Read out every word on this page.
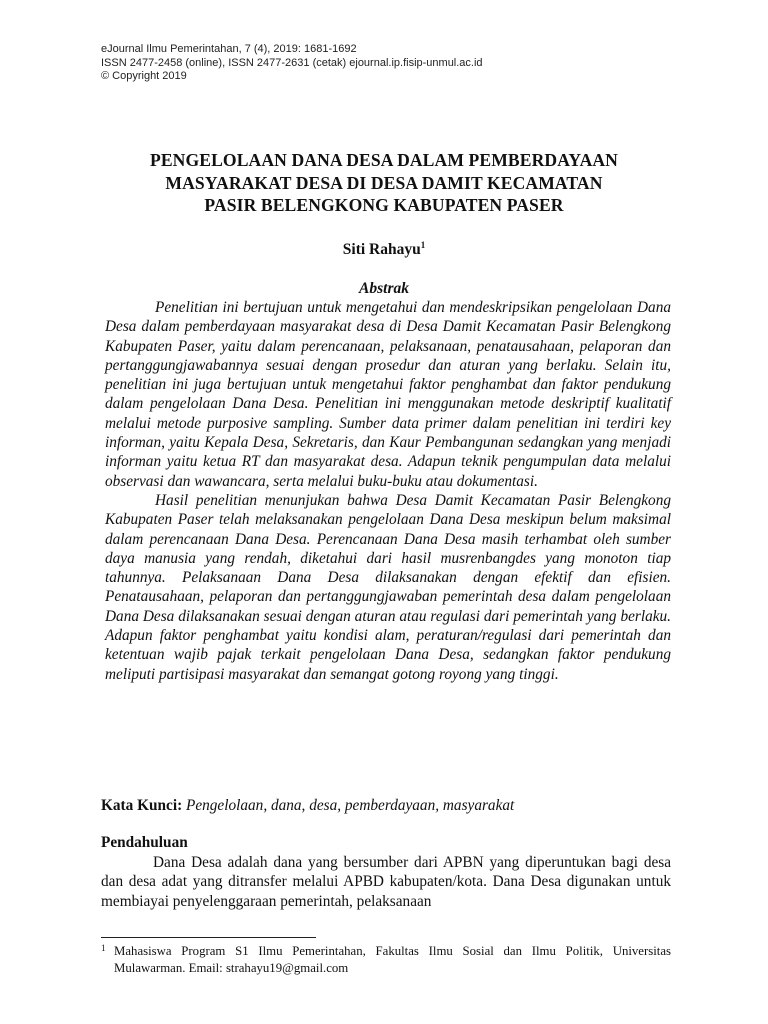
eJournal Ilmu Pemerintahan, 7 (4), 2019: 1681-1692
ISSN 2477-2458 (online), ISSN 2477-2631 (cetak) ejournal.ip.fisip-unmul.ac.id
© Copyright 2019
PENGELOLAAN DANA DESA DALAM PEMBERDAYAAN
MASYARAKAT DESA DI DESA DAMIT KECAMATAN
PASIR BELENGKONG KABUPATEN PASER
Siti Rahayu$^1$
Abstrak

Penelitian ini bertujuan untuk mengetahui dan mendeskripsikan pengelolaan Dana Desa dalam pemberdayaan masyarakat desa di Desa Damit Kecamatan Pasir Belengkong Kabupaten Paser, yaitu dalam perencanaan, pelaksanaan, penatausahaan, pelaporan dan pertanggungjawabannya sesuai dengan prosedur dan aturan yang berlaku. Selain itu, penelitian ini juga bertujuan untuk mengetahui faktor penghambat dan faktor pendukung dalam pengelolaan Dana Desa. Penelitian ini menggunakan metode deskriptif kualitatif melalui metode purposive sampling. Sumber data primer dalam penelitian ini terdiri key informan, yaitu Kepala Desa, Sekretaris, dan Kaur Pembangunan sedangkan yang menjadi informan yaitu ketua RT dan masyarakat desa. Adapun teknik pengumpulan data melalui observasi dan wawancara, serta melalui buku-buku atau dokumentasi.

Hasil penelitian menunjukan bahwa Desa Damit Kecamatan Pasir Belengkong Kabupaten Paser telah melaksanakan pengelolaan Dana Desa meskipun belum maksimal dalam perencanaan Dana Desa. Perencanaan Dana Desa masih terhambat oleh sumber daya manusia yang rendah, diketahui dari hasil musrenbangdes yang monoton tiap tahunnya. Pelaksanaan Dana Desa dilaksanakan dengan efektif dan efisien. Penatausahaan, pelaporan dan pertanggungjawaban pemerintah desa dalam pengelolaan Dana Desa dilaksanakan sesuai dengan aturan atau regulasi dari pemerintah yang berlaku. Adapun faktor penghambat yaitu kondisi alam, peraturan/regulasi dari pemerintah dan ketentuan wajib pajak terkait pengelolaan Dana Desa, sedangkan faktor pendukung meliputi partisipasi masyarakat dan semangat gotong royong yang tinggi.

Kata Kunci: Pengelolaan, dana, desa, pemberdayaan, masyarakat
Pendahuluan

Dana Desa adalah dana yang bersumber dari APBN yang diperuntukan bagi desa dan desa adat yang ditransfer melalui APBD kabupaten/kota. Dana Desa digunakan untuk membiayai penyelenggaraan pemerintah, pelaksanaan

1 Mahasiswa Program S1 Ilmu Pemerintahan, Fakultas Ilmu Sosial dan Ilmu Politik, Universitas Mulawarman. Email: strahayu19@gmail.com
